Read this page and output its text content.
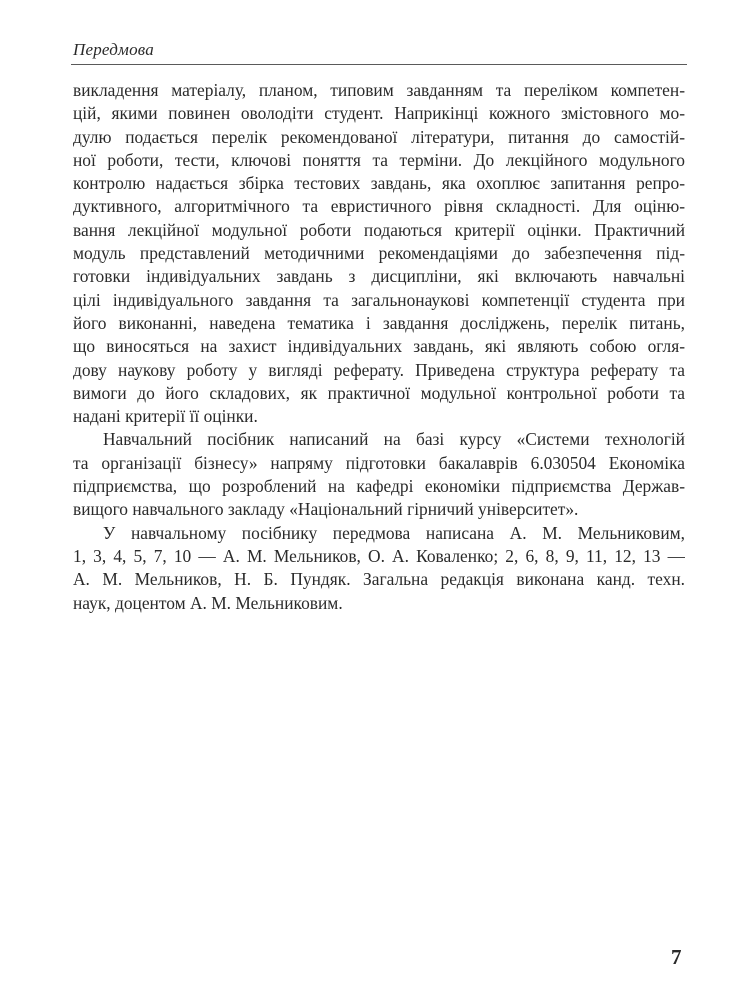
Передмова
викладення матеріалу, планом, типовим завданням та переліком компетен-
цій, якими повинен оволодіти студент. Наприкінці кожного змістовного мо-
дулю подається перелік рекомендованої літератури, питання до самостій-
ної роботи, тести, ключові поняття та терміни. До лекційного модульного
контролю надається збірка тестових завдань, яка охоплює запитання репро-
дуктивного, алгоритмічного та евристичного рівня складності. Для оціню-
вання лекційної модульної роботи подаються критерії оцінки. Практичний
модуль представлений методичними рекомендаціями до забезпечення під-
готовки індивідуальних завдань з дисципліни, які включають навчальні
цілі індивідуального завдання та загальнонаукові компетенції студента при
його виконанні, наведена тематика і завдання досліджень, перелік питань,
що виносяться на захист індивідуальних завдань, які являють собою огля-
дову наукову роботу у вигляді реферату. Приведена структура реферату та
вимоги до його складових, як практичної модульної контрольної роботи та
надані критерії її оцінки.
Навчальний посібник написаний на базі курсу «Системи технологій
та організації бізнесу» напряму підготовки бакалаврів 6.030504 Економіка
підприємства, що розроблений на кафедрі економіки підприємства Держав-
вищого навчального закладу «Національний гірничий університет».
У навчальному посібнику передмова написана А. М. Мельниковим,
1, 3, 4, 5, 7, 10 — А. М. Мельников, О. А. Коваленко; 2, 6, 8, 9, 11, 12, 13 —
А. М. Мельников, Н. Б. Пундяк. Загальна редакція виконана канд. техн.
наук, доцентом А. М. Мельниковим.
7
